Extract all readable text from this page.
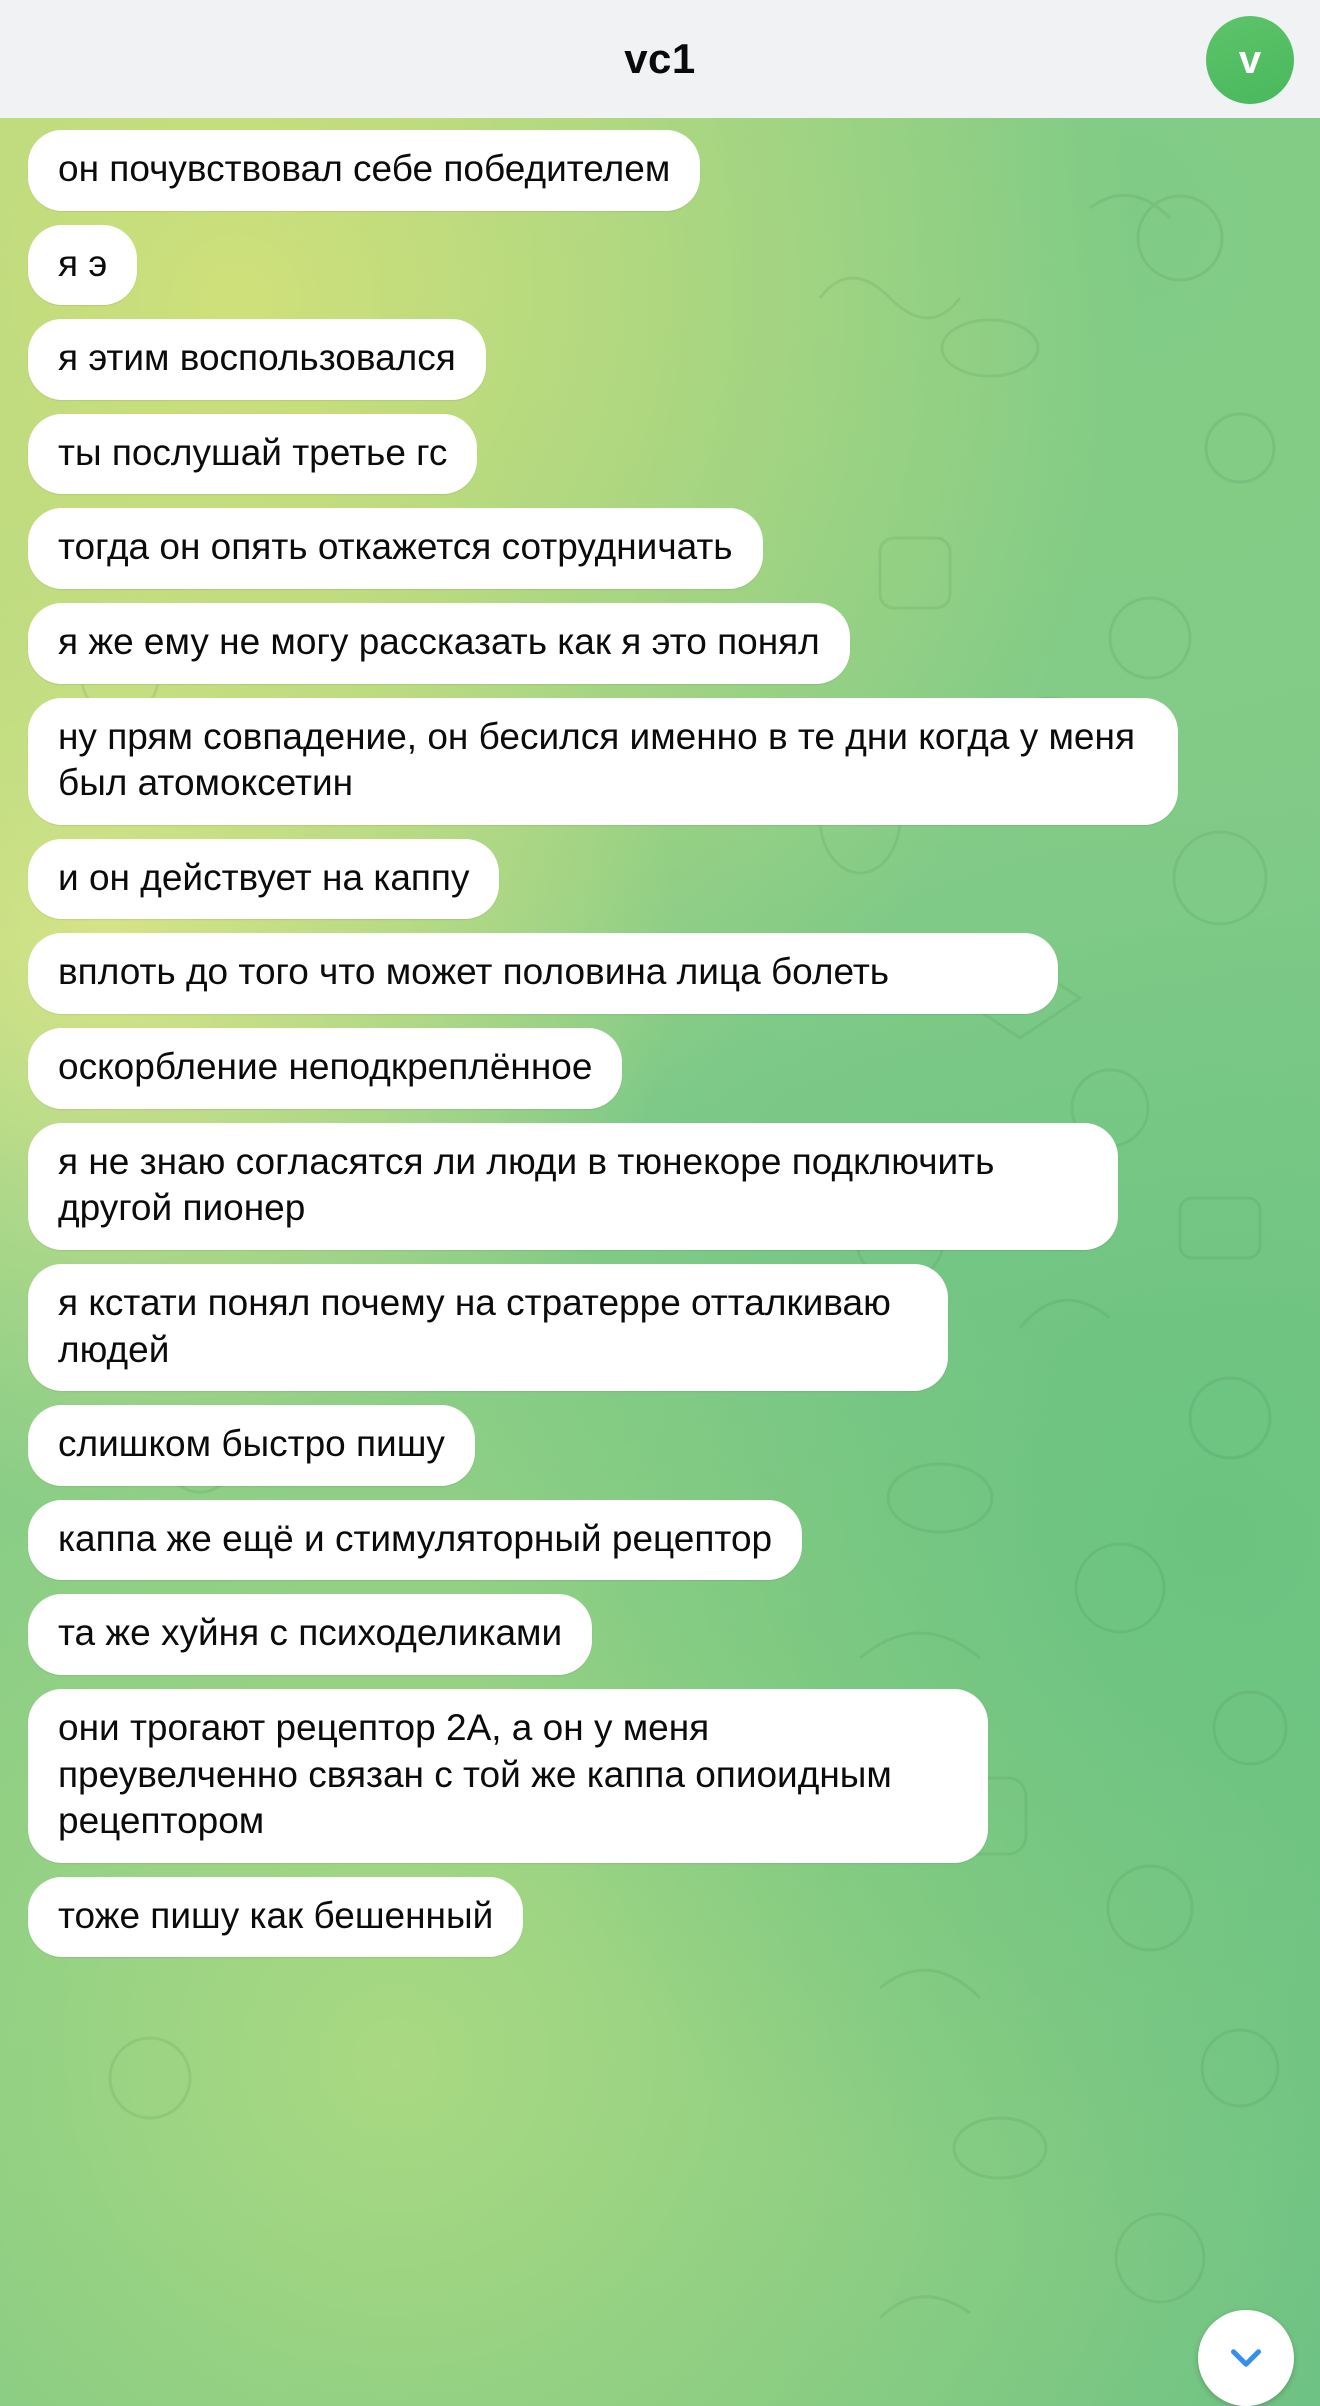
vc1	v
он почувствовал себе победителем
я э
я этим воспользовался
ты послушай третье гс
тогда он опять откажется сотрудничать
я же ему не могу рассказать как я это понял
ну прям совпадение, он бесился именно в те дни когда у меня был атомоксетин
и он действует на каппу
вплоть до того что может половина лица болеть
оскорбление неподкреплённое
я не знаю согласятся ли люди в тюнекоре подключить другой пионер
я кстати понял почему на стратерре отталкиваю людей
слишком быстро пишу
каппа же ещё и стимуляторный рецептор
та же хуйня с психоделиками
они трогают рецептор 2А, а он у меня преувелченно связан с той же каппа опиоидным рецептором
тоже пишу как бешенный
